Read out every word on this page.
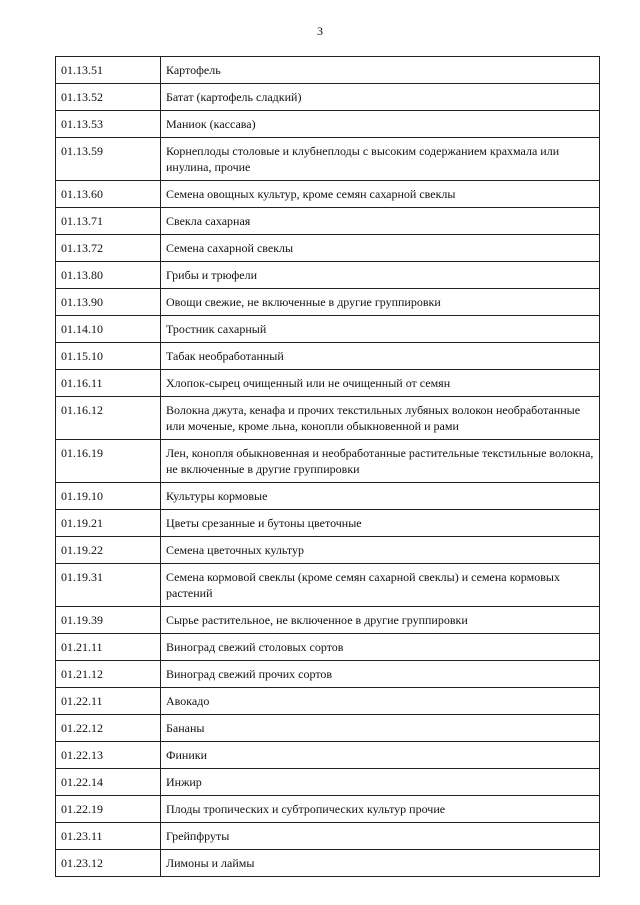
3
01.13.51	Картофель
01.13.52	Батат (картофель сладкий)
01.13.53	Маниок (кассава)
01.13.59	Корнеплоды столовые и клубнеплоды с высоким содержанием крахмала или инулина, прочие
01.13.60	Семена овощных культур, кроме семян сахарной свеклы
01.13.71	Свекла сахарная
01.13.72	Семена сахарной свеклы
01.13.80	Грибы и трюфели
01.13.90	Овощи свежие, не включенные в другие группировки
01.14.10	Тростник сахарный
01.15.10	Табак необработанный
01.16.11	Хлопок-сырец очищенный или не очищенный от семян
01.16.12	Волокна джута, кенафа и прочих текстильных лубяных волокон необработанные или моченые, кроме льна, конопли обыкновенной и рами
01.16.19	Лен, конопля обыкновенная и необработанные растительные текстильные волокна, не включенные в другие группировки
01.19.10	Культуры кормовые
01.19.21	Цветы срезанные и бутоны цветочные
01.19.22	Семена цветочных культур
01.19.31	Семена кормовой свеклы (кроме семян сахарной свеклы) и семена кормовых растений
01.19.39	Сырье растительное, не включенное в другие группировки
01.21.11	Виноград свежий столовых сортов
01.21.12	Виноград свежий прочих сортов
01.22.11	Авокадо
01.22.12	Бананы
01.22.13	Финики
01.22.14	Инжир
01.22.19	Плоды тропических и субтропических культур прочие
01.23.11	Грейпфруты
01.23.12	Лимоны и лаймы
